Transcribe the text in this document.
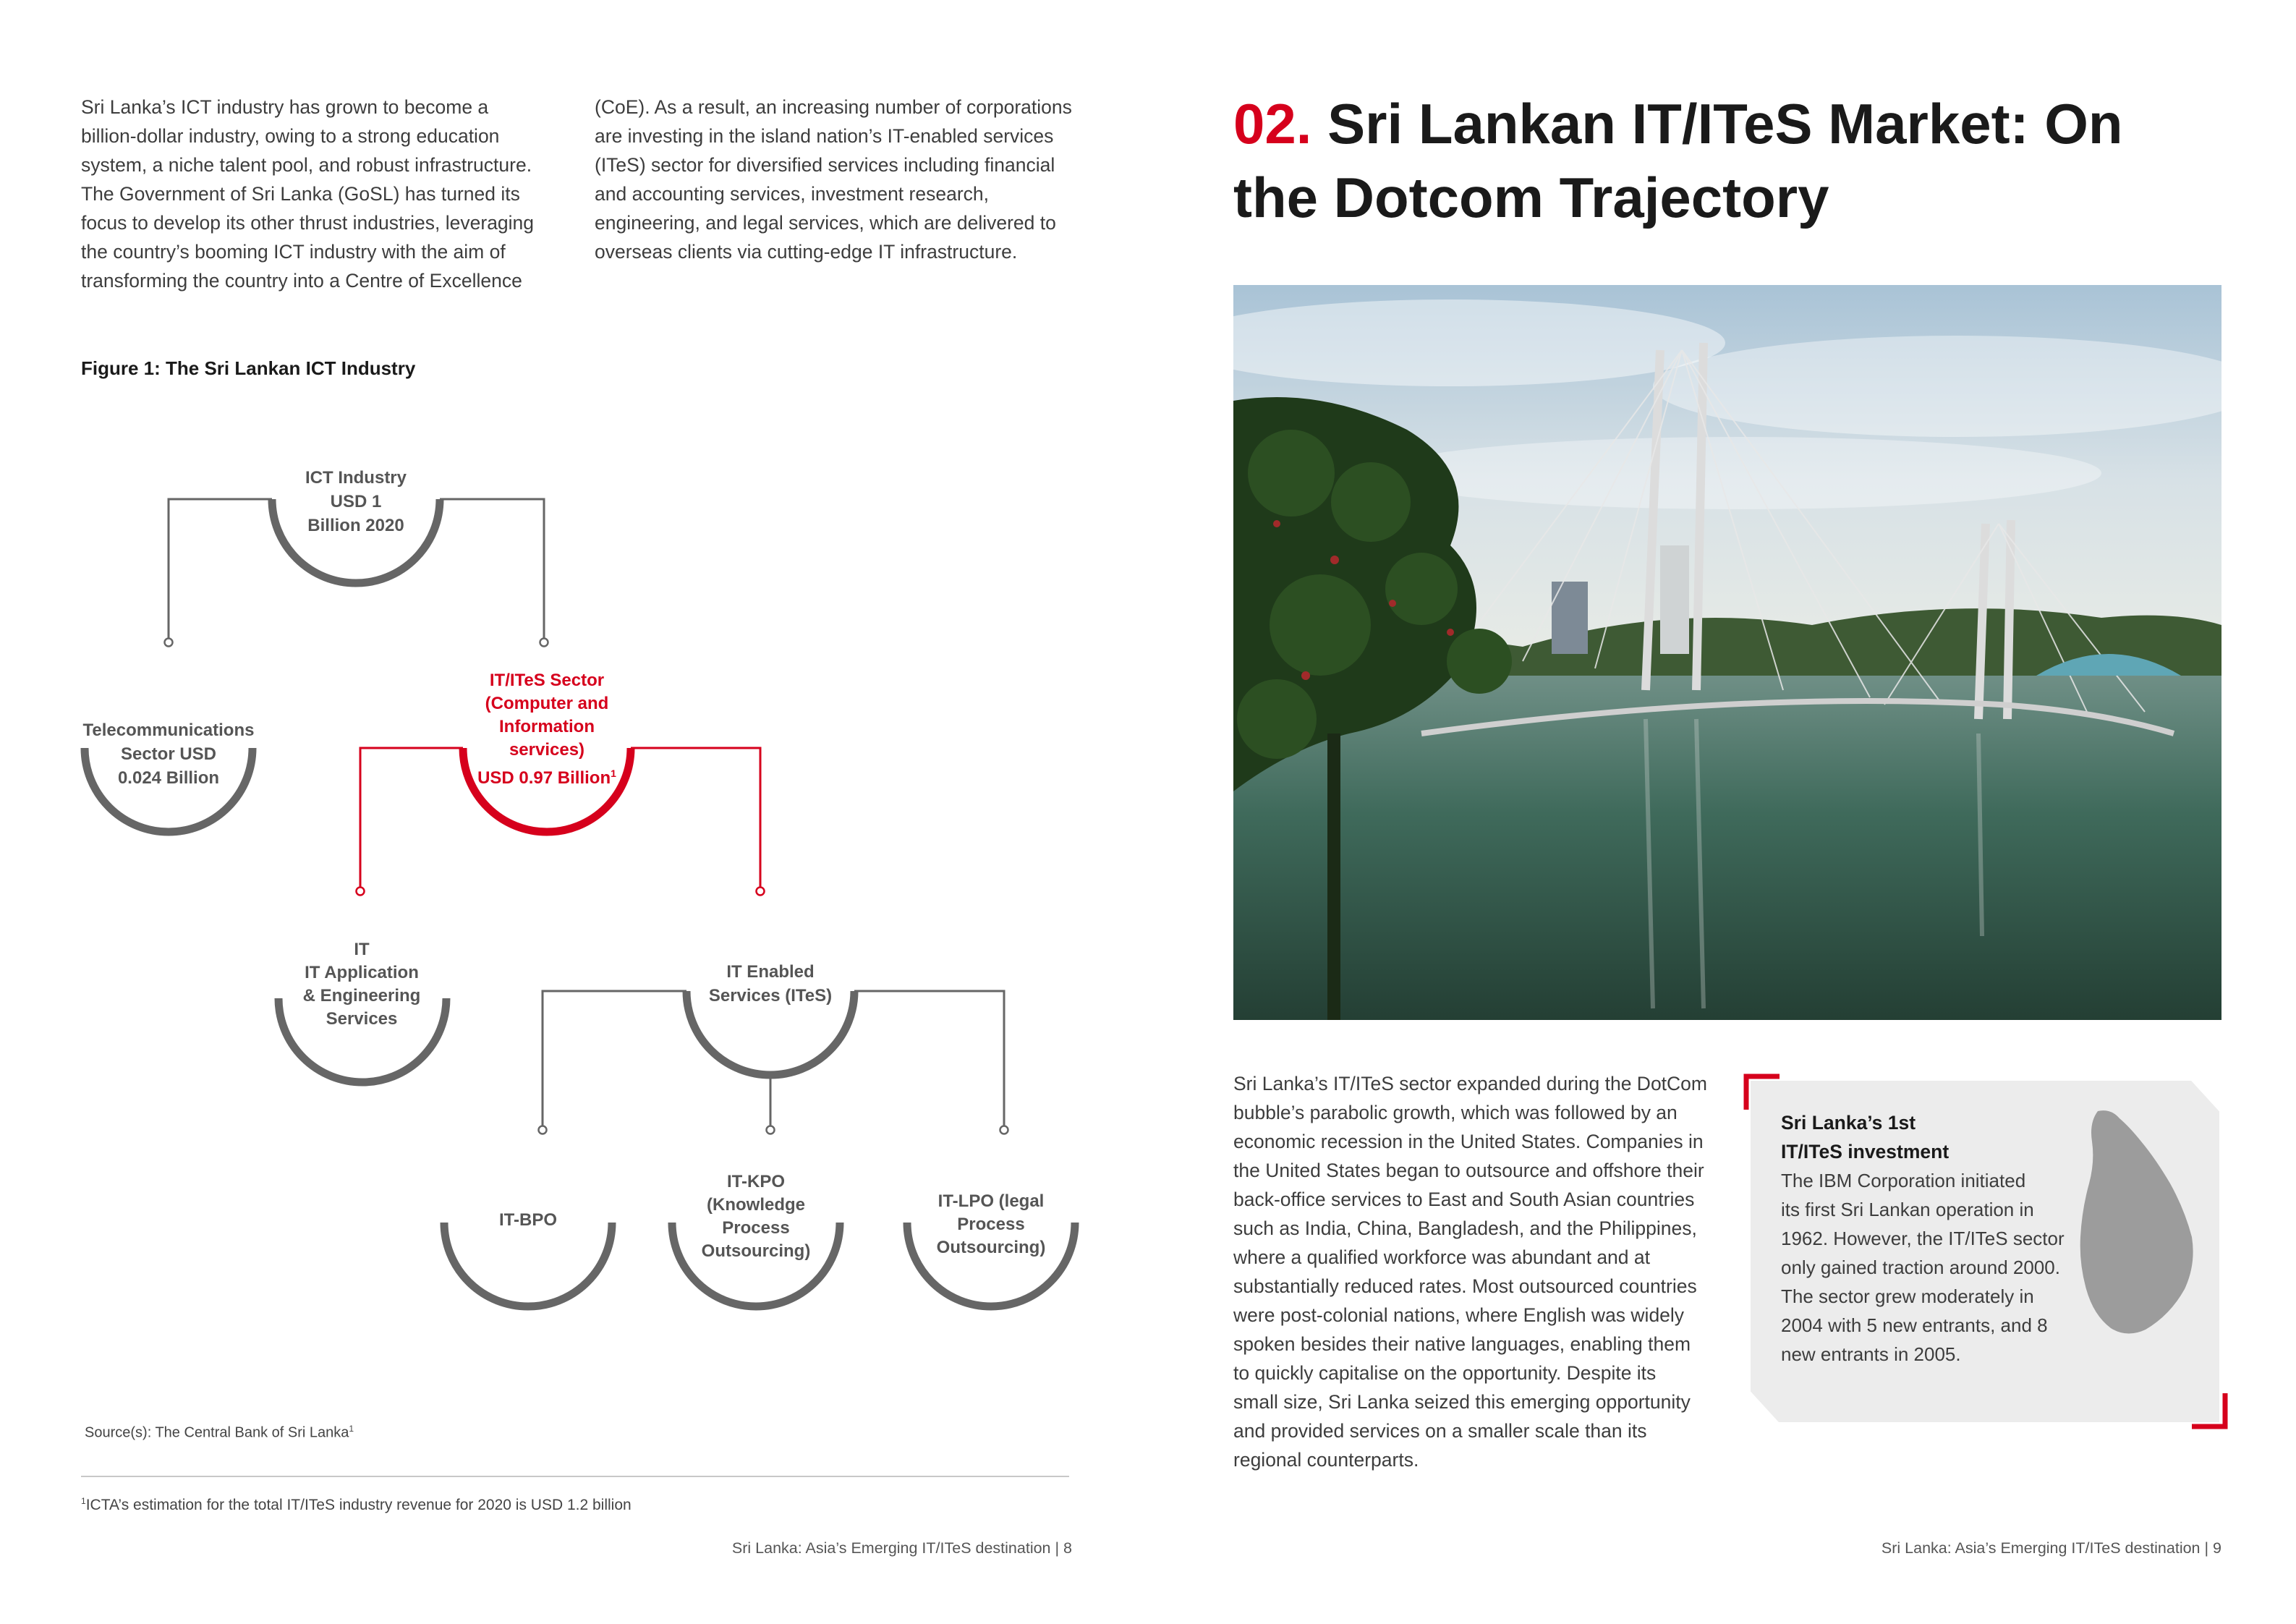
Sri Lanka’s ICT industry has grown to become a
billion-dollar industry, owing to a strong education
system, a niche talent pool, and robust infrastructure.
The Government of Sri Lanka (GoSL) has turned its
focus to develop its other thrust industries, leveraging
the country’s booming ICT industry with the aim of
transforming the country into a Centre of Excellence

(CoE). As a result, an increasing number of corporations
are investing in the island nation’s IT-enabled services
(ITeS) sector for diversified services including financial
and accounting services, investment research,
engineering, and legal services, which are delivered to
overseas clients via cutting-edge IT infrastructure.

Figure 1: The Sri Lankan ICT Industry
ICT Industry
USD 1
Billion 2020
Telecommunications
Sector USD
0.024 Billion
IT/ITeS Sector
(Computer and
Information
services)
USD 0.97 Billion$^1$
IT
IT Application
& Engineering
Services
IT Enabled
Services (ITeS)
IT-BPO
IT-KPO
(Knowledge
Process
Outsourcing)
IT-LPO (legal
Process
Outsourcing)
Source(s): The Central Bank of Sri Lanka$^1$
$^1$ICTA’s estimation for the total IT/ITeS industry revenue for 2020 is USD 1.2 billion
Sri Lanka: Asia’s Emerging IT/ITeS destination | 8
02. Sri Lankan IT/ITeS Market: On
the Dotcom Trajectory

Sri Lanka’s IT/ITeS sector expanded during the DotCom
bubble’s parabolic growth, which was followed by an
economic recession in the United States. Companies in
the United States began to outsource and offshore their
back-office services to East and South Asian countries
such as India, China, Bangladesh, and the Philippines,
where a qualified workforce was abundant and at
substantially reduced rates. Most outsourced countries
were post-colonial nations, where English was widely
spoken besides their native languages, enabling them
to quickly capitalise on the opportunity. Despite its
small size, Sri Lanka seized this emerging opportunity
and provided services on a smaller scale than its
regional counterparts.

Sri Lanka’s 1st
IT/ITeS investment

The IBM Corporation initiated
its first Sri Lankan operation in
1962. However, the IT/ITeS sector
only gained traction around 2000.
The sector grew moderately in
2004 with 5 new entrants, and 8
new entrants in 2005.

Sri Lanka: Asia’s Emerging IT/ITeS destination | 9
